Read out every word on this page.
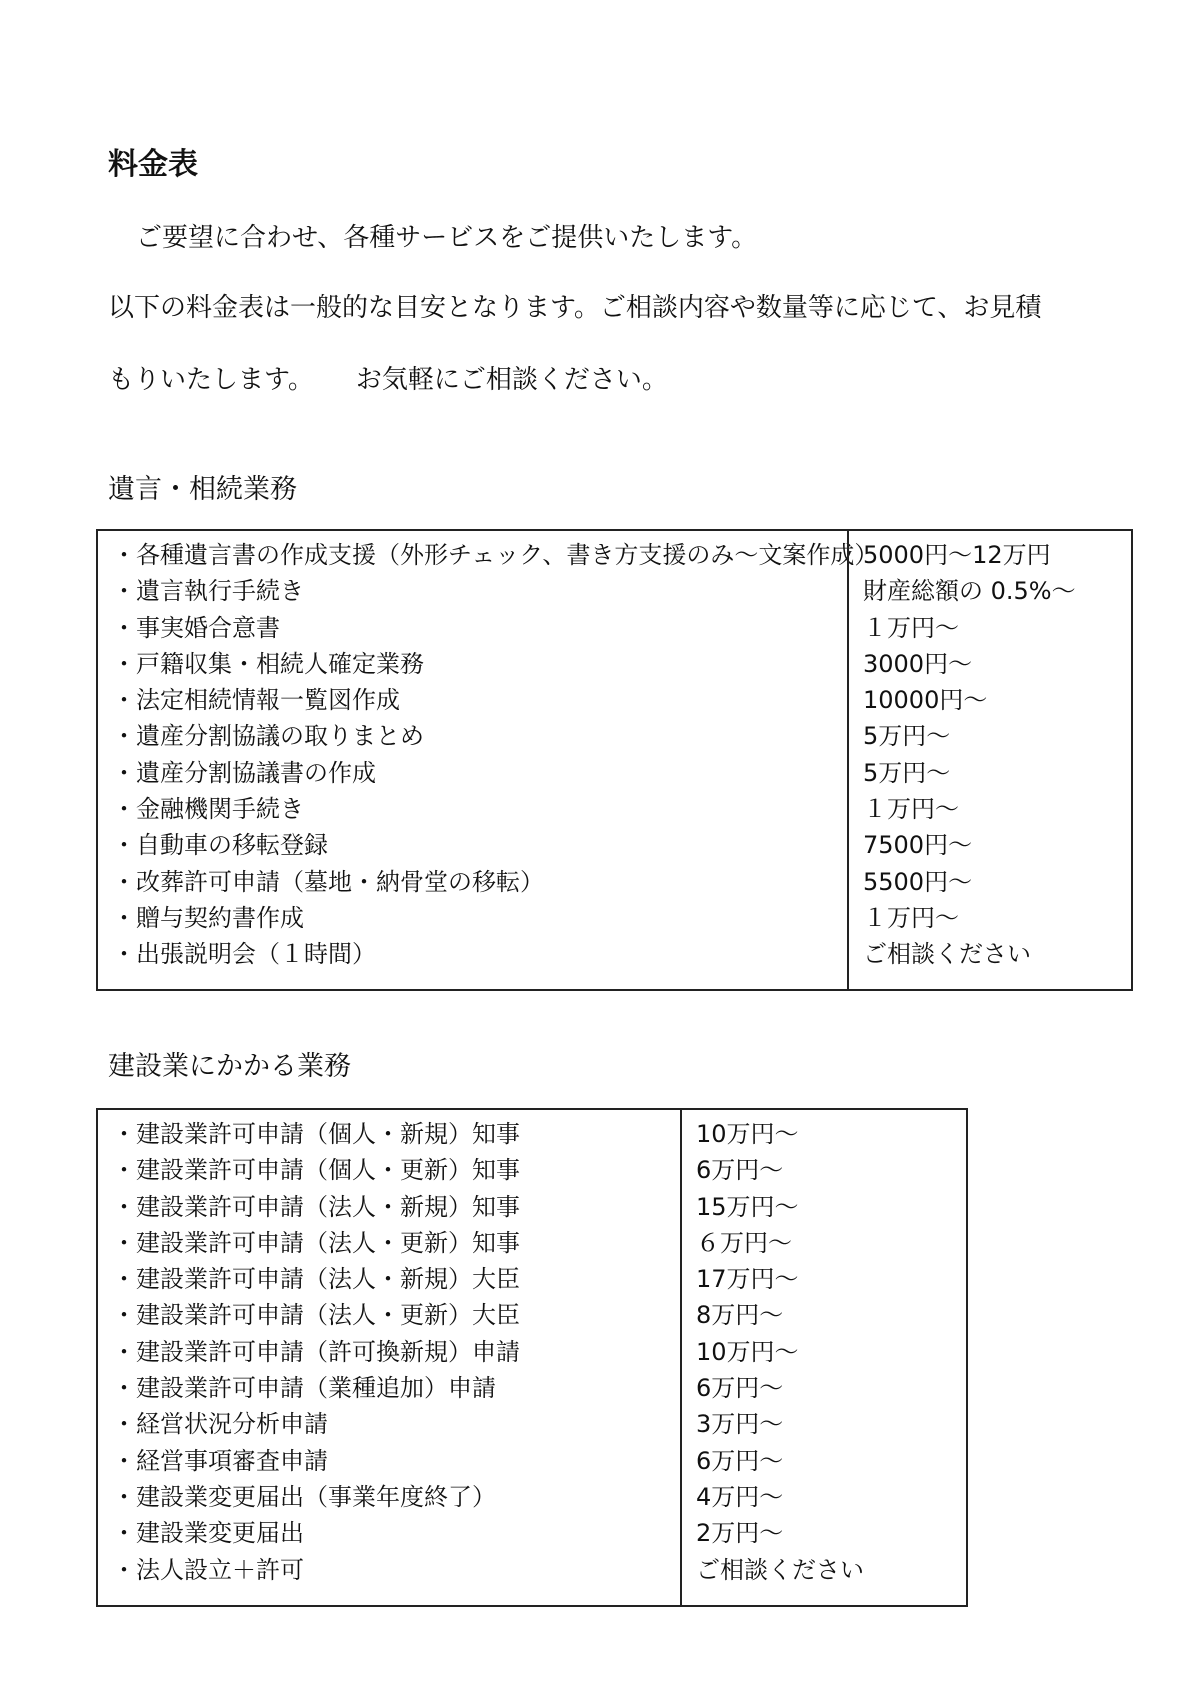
料金表
ご要望に合わせ、各種サービスをご提供いたします。
以下の料金表は一般的な目安となります。ご相談内容や数量等に応じて、お見積
もりいたします。 お気軽にご相談ください。
遺言・相続業務
・各種遺言書の作成支援（外形チェック、書き方支援のみ～文案作成）
・遺言執行手続き
・事実婚合意書
・戸籍収集・相続人確定業務
・法定相続情報一覧図作成
・遺産分割協議の取りまとめ
・遺産分割協議書の作成
・金融機関手続き
・自動車の移転登録
・改葬許可申請（墓地・納骨堂の移転）
・贈与契約書作成
・出張説明会（１時間）
5000円～12万円
財産総額の 0.5%～
１万円～
3000円～
10000円～
5万円～
5万円～
１万円～
7500円～
5500円～
１万円～
ご相談ください
建設業にかかる業務
・建設業許可申請（個人・新規）知事
・建設業許可申請（個人・更新）知事
・建設業許可申請（法人・新規）知事
・建設業許可申請（法人・更新）知事
・建設業許可申請（法人・新規）大臣
・建設業許可申請（法人・更新）大臣
・建設業許可申請（許可換新規）申請
・建設業許可申請（業種追加）申請
・経営状況分析申請
・経営事項審査申請
・建設業変更届出（事業年度終了）
・建設業変更届出
・法人設立＋許可
10万円～
6万円～
15万円～
６万円～
17万円～
8万円～
10万円～
6万円～
3万円～
6万円～
4万円～
2万円～
ご相談ください
